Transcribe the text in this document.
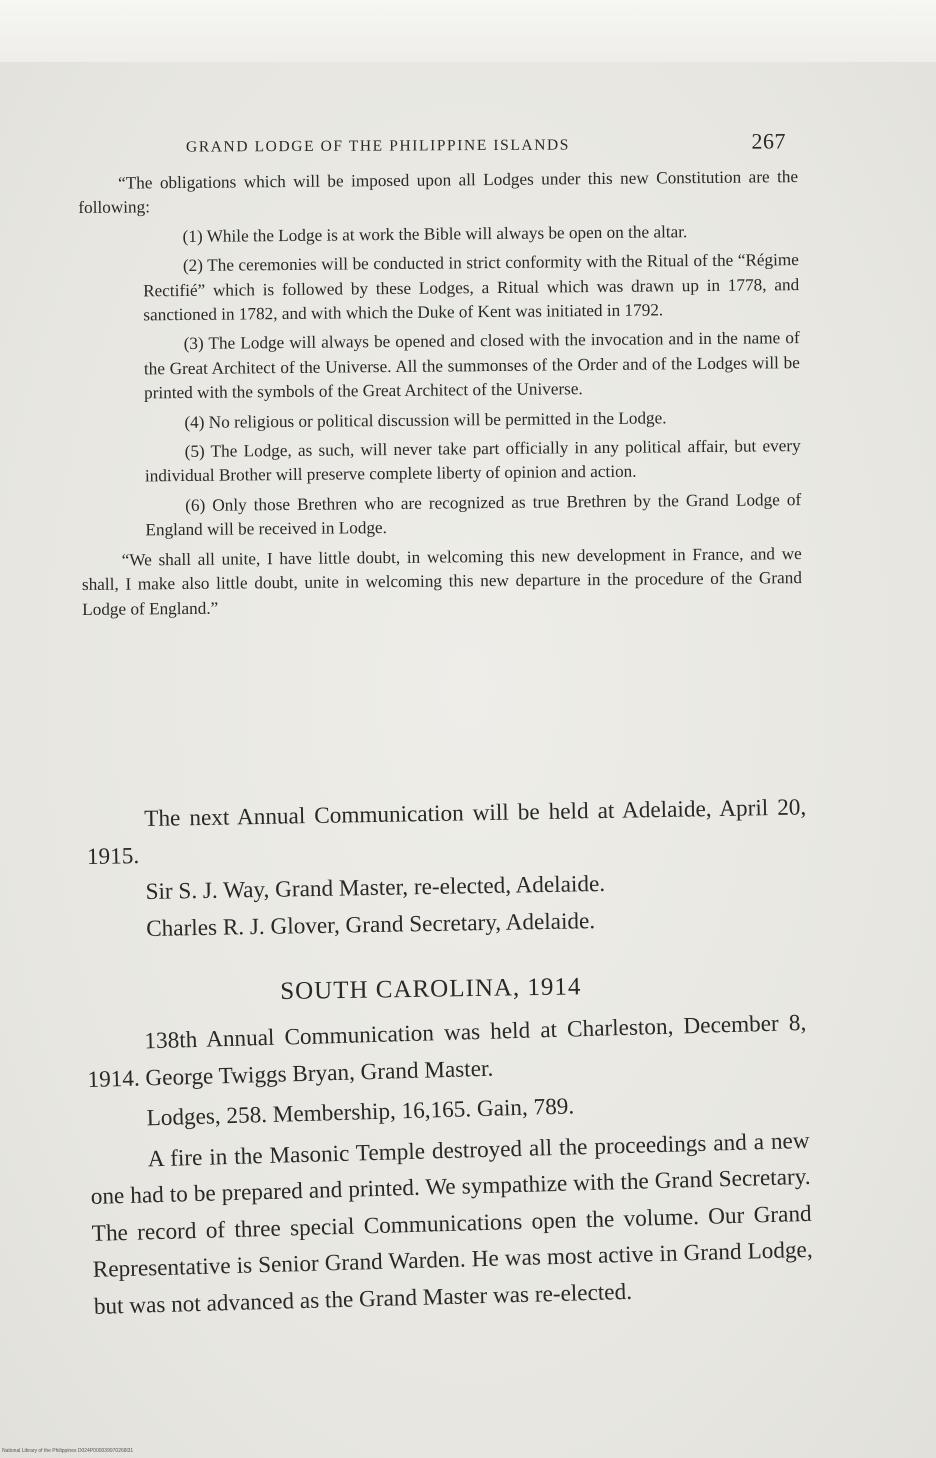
GRAND LODGE OF THE PHILIPPINE ISLANDS	267

“The obligations which will be imposed upon all Lodges under this new Constitution are the following:

(1) While the Lodge is at work the Bible will always be open on the altar.

(2) The ceremonies will be conducted in strict conformity with the Ritual of the “Régime Rectifié” which is followed by these Lodges, a Ritual which was drawn up in 1778, and sanctioned in 1782, and with which the Duke of Kent was initiated in 1792.

(3) The Lodge will always be opened and closed with the invocation and in the name of the Great Architect of the Universe. All the summonses of the Order and of the Lodges will be printed with the symbols of the Great Architect of the Universe.

(4) No religious or political discussion will be permitted in the Lodge.

(5) The Lodge, as such, will never take part officially in any political affair, but every individual Brother will preserve complete liberty of opinion and action.

(6) Only those Brethren who are recognized as true Brethren by the Grand Lodge of England will be received in Lodge.

“We shall all unite, I have little doubt, in welcoming this new development in France, and we shall, I make also little doubt, unite in welcoming this new departure in the procedure of the Grand Lodge of England.”

The next Annual Communication will be held at Adelaide, April 20, 1915.

Sir S. J. Way, Grand Master, re-elected, Adelaide.

Charles R. J. Glover, Grand Secretary, Adelaide.

SOUTH CAROLINA, 1914

138th Annual Communication was held at Charleston, December 8, 1914. George Twiggs Bryan, Grand Master.

Lodges, 258. Membership, 16,165. Gain, 789.

A fire in the Masonic Temple destroyed all the proceedings and a new one had to be prepared and printed. We sympathize with the Grand Secretary. The record of three special Communications open the volume. Our Grand Representative is Senior Grand Warden. He was most active in Grand Lodge, but was not advanced as the Grand Master was re-elected.

National Library of the Philippines D024P000039970268l31
